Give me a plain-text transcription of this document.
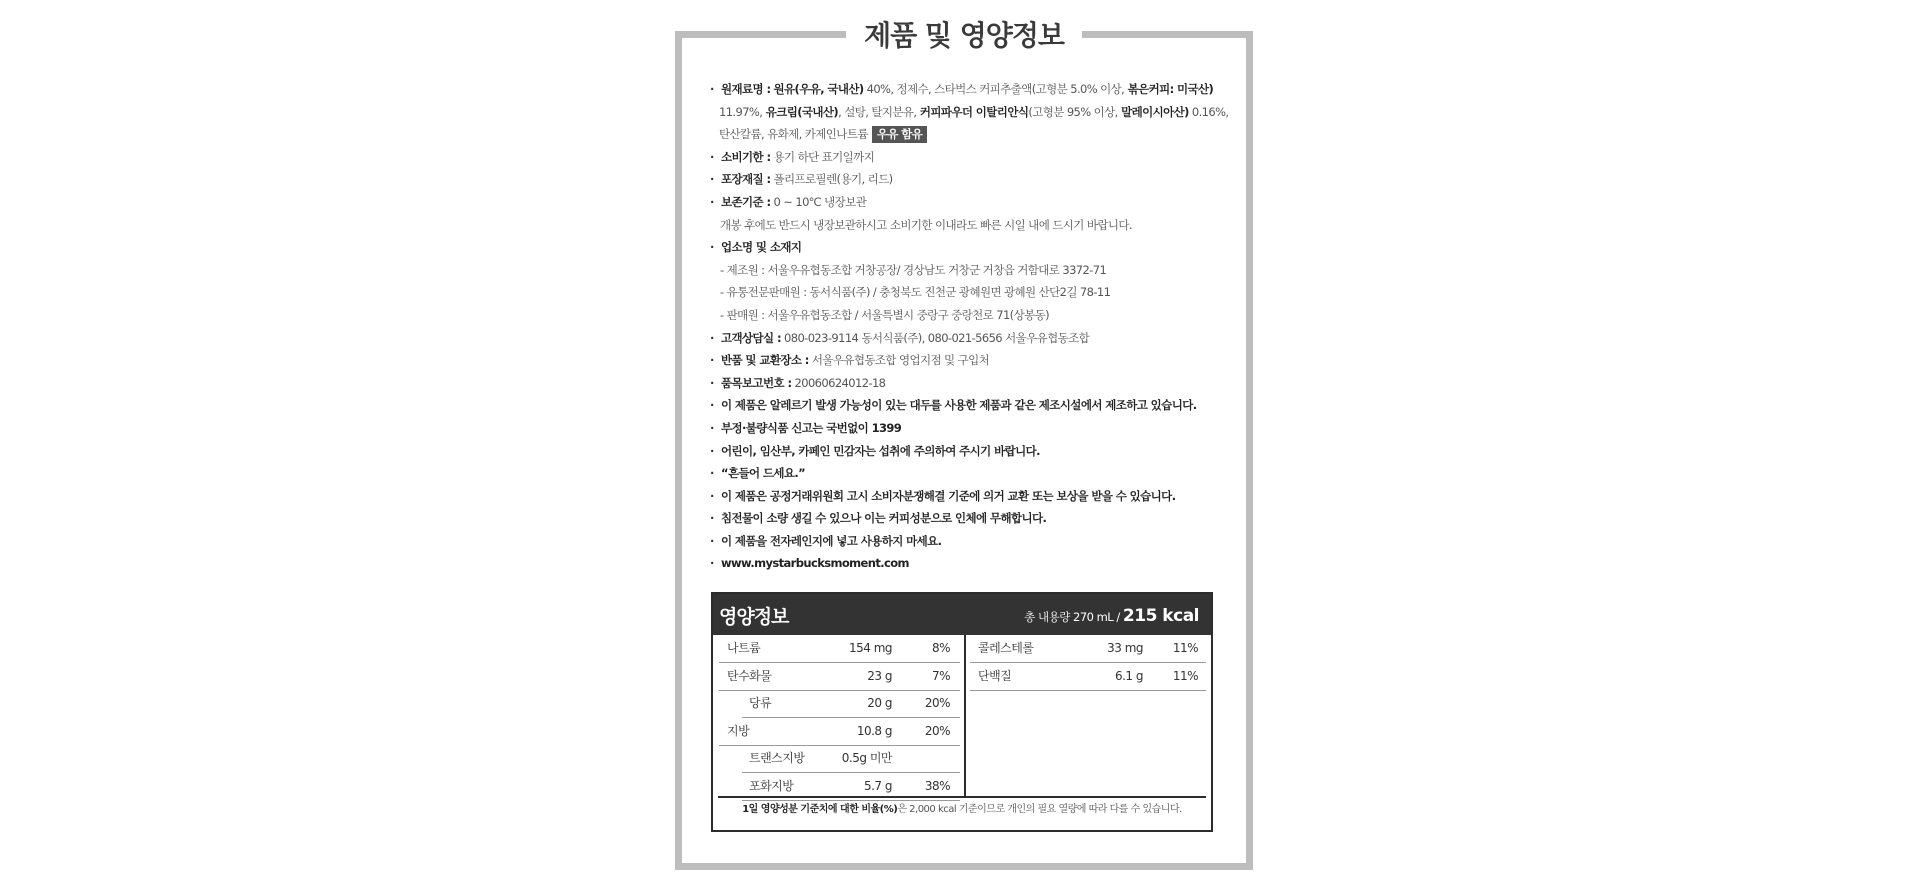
제품 및 영양정보
· 원재료명 : 원유(우유, 국내산) 40%, 정제수, 스타벅스 커피추출액(고형분 5.0% 이상, 볶은커피: 미국산)
11.97%, 유크림(국내산), 설탕, 탈지분유, 커피파우더 이탈리안식(고형분 95% 이상, 말레이시아산) 0.16%,
탄산칼륨, 유화제, 카제인나트륨 우유 함유
· 소비기한 : 용기 하단 표기일까지
· 포장재질 : 폴리프로필렌(용기, 리드)
· 보존기준 : 0 ~ 10℃ 냉장보관
개봉 후에도 반드시 냉장보관하시고 소비기한 이내라도 빠른 시일 내에 드시기 바랍니다.
· 업소명 및 소재지
- 제조원 : 서울우유협동조합 거창공장/ 경상남도 거창군 거창읍 거함대로 3372-71
- 유통전문판매원 : 동서식품(주) / 충청북도 진천군 광혜원면 광혜원 산단2길 78-11
- 판매원 : 서울우유협동조합 / 서울특별시 중랑구 중랑천로 71(상봉동)
· 고객상담실 : 080-023-9114 동서식품(주), 080-021-5656 서울우유협동조합
· 반품 및 교환장소 : 서울우유협동조합 영업지점 및 구입처
· 품목보고번호 : 20060624012-18
· 이 제품은 알레르기 발생 가능성이 있는 대두를 사용한 제품과 같은 제조시설에서 제조하고 있습니다.
· 부정·불량식품 신고는 국번없이 1399
· 어린이, 임산부, 카페인 민감자는 섭취에 주의하여 주시기 바랍니다.
· “흔들어 드세요.”
· 이 제품은 공정거래위원회 고시 소비자분쟁해결 기준에 의거 교환 또는 보상을 받을 수 있습니다.
· 침전물이 소량 생길 수 있으나 이는 커피성분으로 인체에 무해합니다.
· 이 제품을 전자레인지에 넣고 사용하지 마세요.
· www.mystarbucksmoment.com
영양정보	총 내용량 270 mL / 215 kcal
나트륨	154 mg	8%
탄수화물	23 g	7%
당류	20 g	20%
지방	10.8 g	20%
트랜스지방	0.5g 미만
포화지방	5.7 g	38%
콜레스테롤	33 mg 11%
단백질	6.1 g 11%
1일 영양성분 기준치에 대한 비율(%)은 2,000 kcal 기준이므로 개인의 필요 열량에 따라 다를 수 있습니다.
